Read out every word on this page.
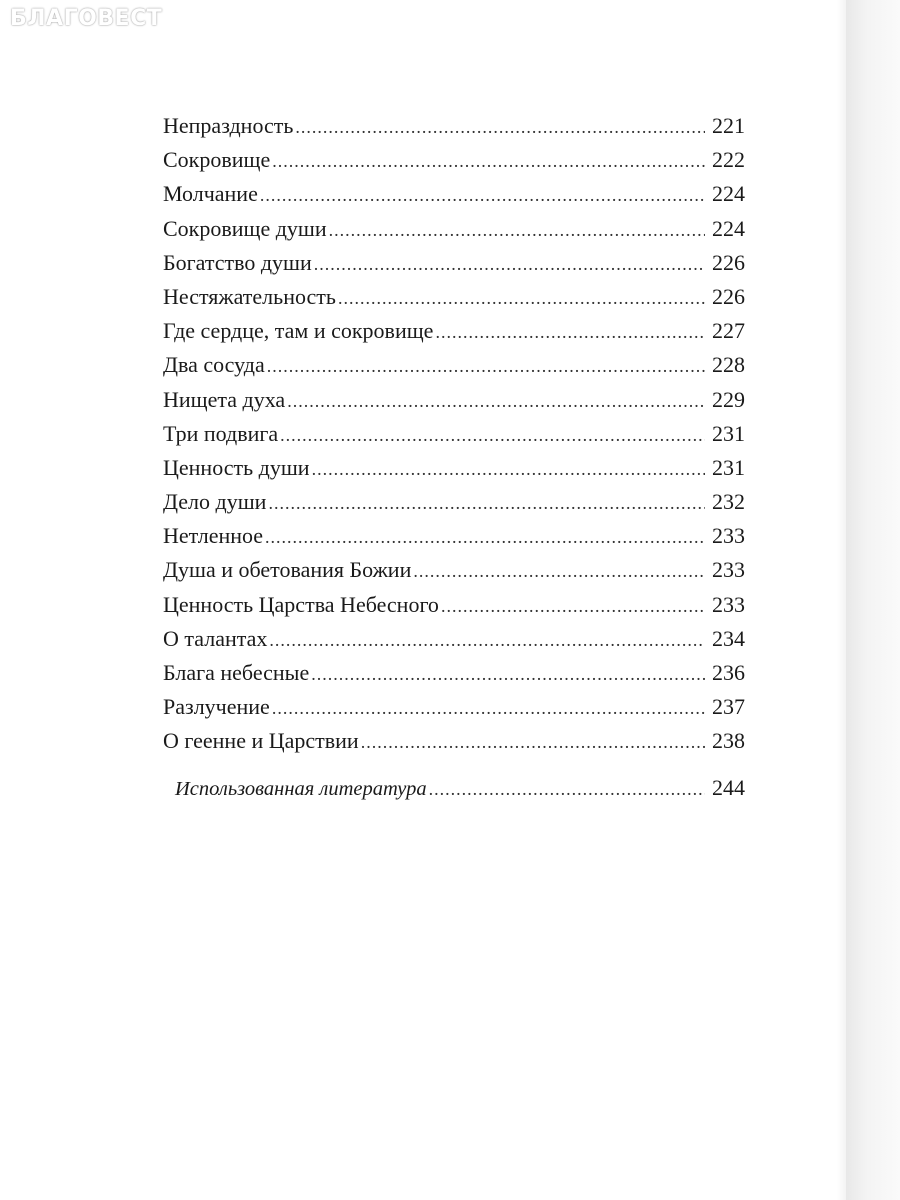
БЛАГОВЕСТ
Непраздность .....	221
Сокровище .....	222
Молчание .....	224
Сокровище души .....	224
Богатство души .....	226
Нестяжательность .....	226
Где сердце, там и сокровище .....	227
Два сосуда .....	228
Нищета духа .....	229
Три подвига .....	231
Ценность души .....	231
Дело души .....	232
Нетленное .....	233
Душа и обетования Божии .....	233
Ценность Царства Небесного .....	233
О талантах .....	234
Блага небесные .....	236
Разлучение .....	237
О геенне и Царствии .....	238
Использованная литература .....	244
